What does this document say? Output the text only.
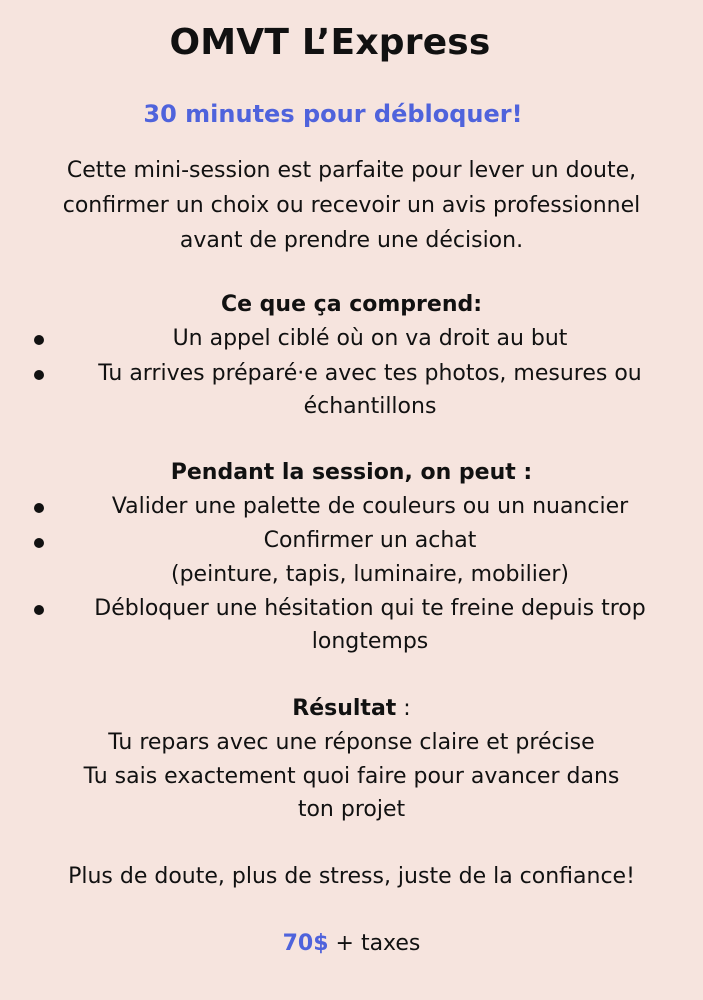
OMVT L’Express
30 minutes pour débloquer!

Cette mini-session est parfaite pour lever un doute,

confirmer un choix ou recevoir un avis professionnel

avant de prendre une décision.

Ce que ça comprend:

Un appel ciblé où on va droit au but

Tu arrives préparé·e avec tes photos, mesures ou

échantillons

Pendant la session, on peut :

Valider une palette de couleurs ou un nuancier

Confirmer un achat

(peinture, tapis, luminaire, mobilier)

Débloquer une hésitation qui te freine depuis trop

longtemps

Résultat :

Tu repars avec une réponse claire et précise

Tu sais exactement quoi faire pour avancer dans

ton projet

Plus de doute, plus de stress, juste de la confiance!

70$ + taxes
